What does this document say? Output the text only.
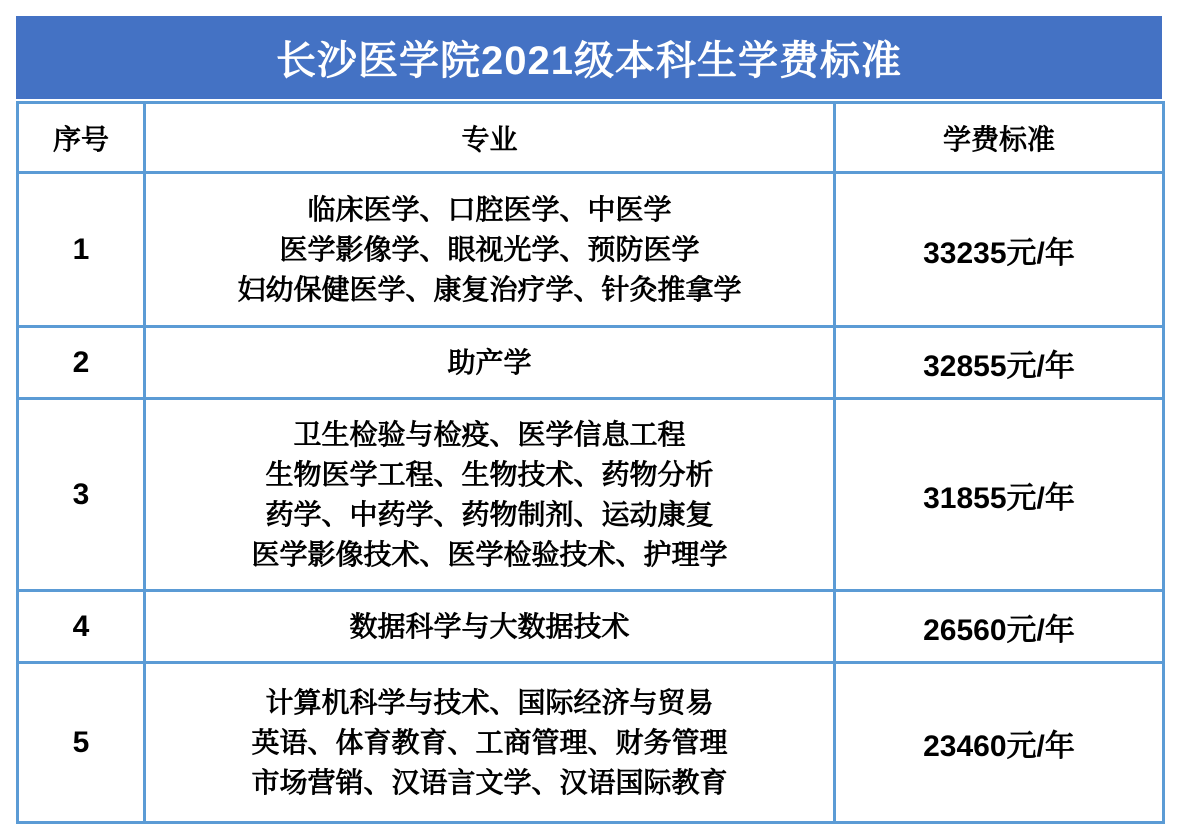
长沙医学院2021级本科生学费标准
序号	专业	学费标准
1	临床医学、口腔医学、中医学
医学影像学、眼视光学、预防医学
妇幼保健医学、康复治疗学、针灸推拿学	33235元/年
2	助产学	32855元/年
3	卫生检验与检疫、医学信息工程
生物医学工程、生物技术、药物分析
药学、中药学、药物制剂、运动康复
医学影像技术、医学检验技术、护理学	31855元/年
4	数据科学与大数据技术	26560元/年
5	计算机科学与技术、国际经济与贸易
英语、体育教育、工商管理、财务管理
市场营销、汉语言文学、汉语国际教育	23460元/年
